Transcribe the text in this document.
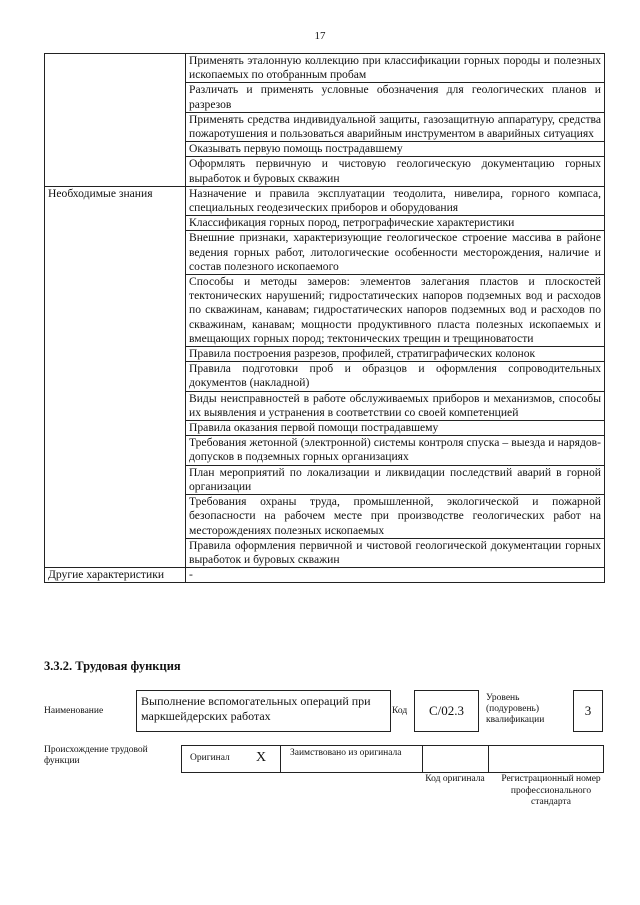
17
	Применять эталонную коллекцию при классификации горных породы и полезных ископаемых по отобранным пробам
	Различать и применять условные обозначения для геологических планов и разрезов
	Применять средства индивидуальной защиты, газозащитную аппаратуру, средства пожаротушения и пользоваться аварийным инструментом в аварийных ситуациях
	Оказывать первую помощь пострадавшему
	Оформлять первичную и чистовую геологическую документацию горных выработок и буровых скважин
Необходимые знания	Назначение и правила эксплуатации теодолита, нивелира, горного компаса, специальных геодезических приборов и оборудования
	Классификация горных пород, петрографические характеристики
	Внешние признаки, характеризующие геологическое строение массива в районе ведения горных работ, литологические особенности месторождения, наличие и состав полезного ископаемого
	Способы и методы замеров: элементов залегания пластов и плоскостей тектонических нарушений; гидростатических напоров подземных вод и расходов по скважинам, канавам; гидростатических напоров подземных вод и расходов по скважинам, канавам; мощности продуктивного пласта полезных ископаемых и вмещающих горных пород; тектонических трещин и трещиноватости
	Правила построения разрезов, профилей, стратиграфических колонок
	Правила подготовки проб и образцов и оформления сопроводительных документов (накладной)
	Виды неисправностей в работе обслуживаемых приборов и механизмов, способы их выявления и устранения в соответствии со своей компетенцией
	Правила оказания первой помощи пострадавшему
	Требования жетонной (электронной) системы контроля спуска – выезда и нарядов-допусков в подземных горных организациях
	План мероприятий по локализации и ликвидации последствий аварий в горной организации
	Требования охраны труда, промышленной, экологической и пожарной безопасности на рабочем месте при производстве геологических работ на месторождениях полезных ископаемых
	Правила оформления первичной и чистовой геологической документации горных выработок и буровых скважин
Другие характеристики	-
3.3.2. Трудовая функция
Наименование
Выполнение вспомогательных операций при маркшейдерских работах	Код	C/02.3
Уровень (подуровень) квалификации
3
Происхождение трудовой функции	Оригинал X	Заимствовано из оригинала
Код оригинала	Регистрационный номер профессионального стандарта
